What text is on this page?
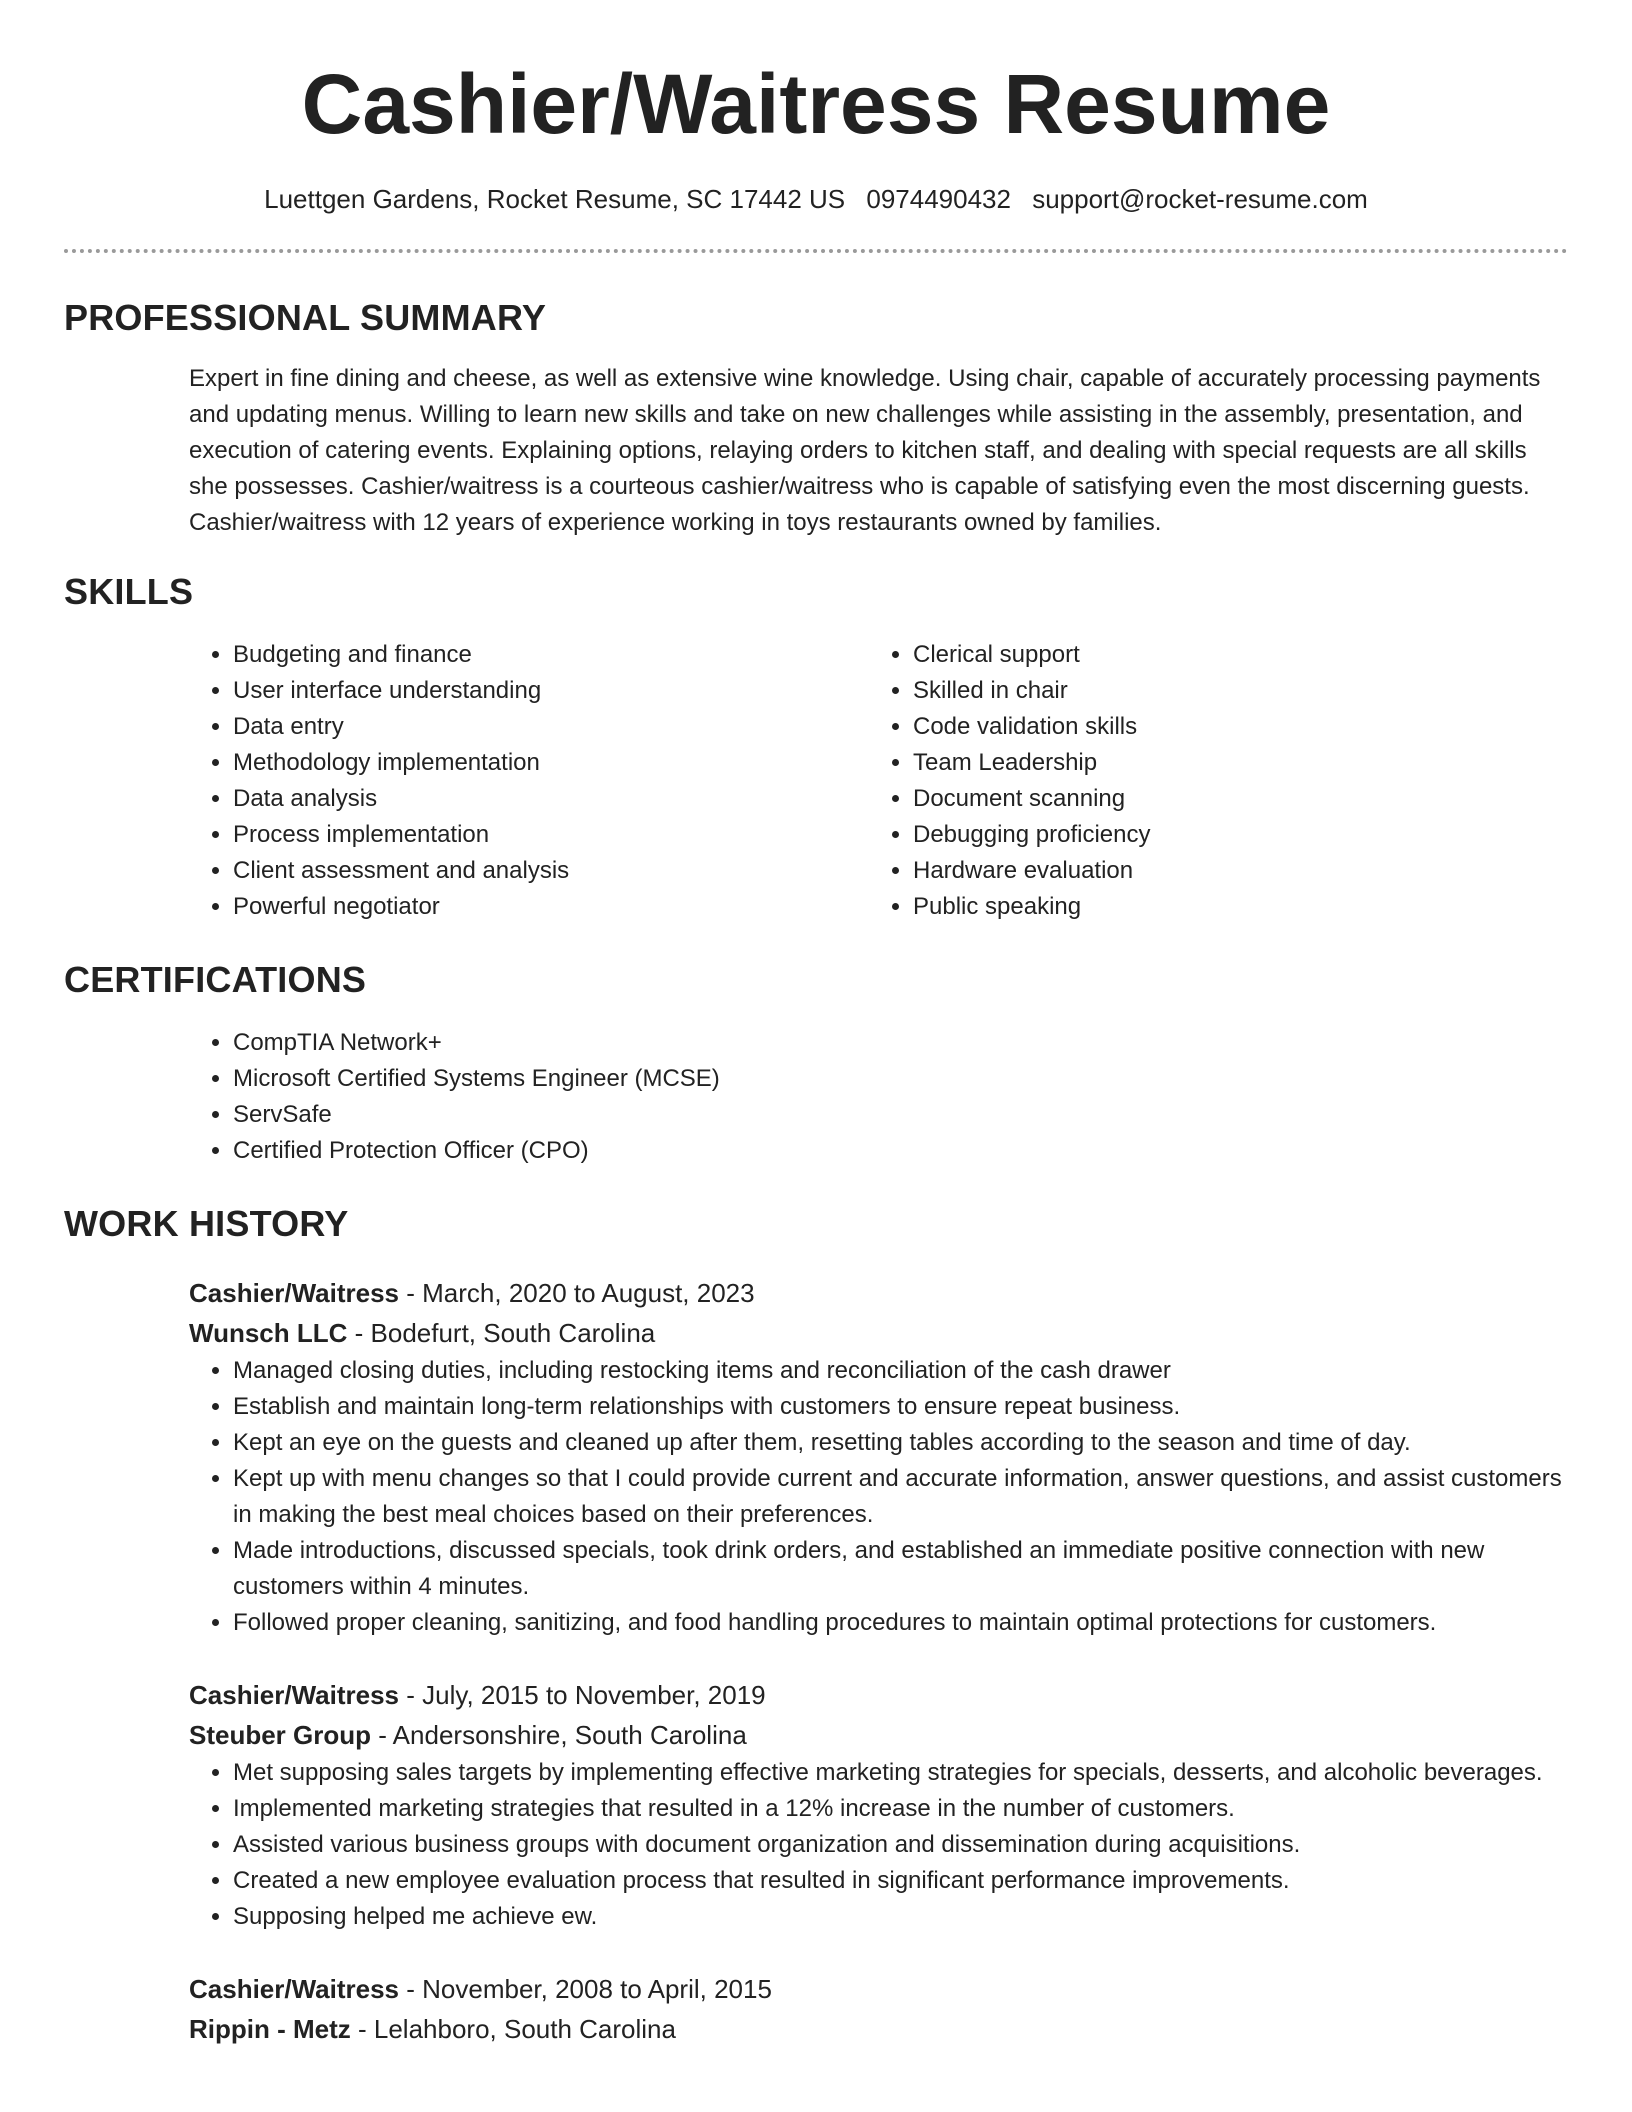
Cashier/Waitress Resume
Luettgen Gardens, Rocket Resume, SC 17442 US 0974490432 support@rocket-resume.com
PROFESSIONAL SUMMARY
Expert in fine dining and cheese, as well as extensive wine knowledge. Using chair, capable of accurately processing payments and updating menus. Willing to learn new skills and take on new challenges while assisting in the assembly, presentation, and execution of catering events. Explaining options, relaying orders to kitchen staff, and dealing with special requests are all skills she possesses. Cashier/waitress is a courteous cashier/waitress who is capable of satisfying even the most discerning guests. Cashier/waitress with 12 years of experience working in toys restaurants owned by families.
SKILLS
• Budgeting and finance
• User interface understanding
• Data entry
• Methodology implementation
• Data analysis
• Process implementation
• Client assessment and analysis
• Powerful negotiator
• Clerical support
• Skilled in chair
• Code validation skills
• Team Leadership
• Document scanning
• Debugging proficiency
• Hardware evaluation
• Public speaking
CERTIFICATIONS
• CompTIA Network+
• Microsoft Certified Systems Engineer (MCSE)
• ServSafe
• Certified Protection Officer (CPO)
WORK HISTORY
Cashier/Waitress - March, 2020 to August, 2023
Wunsch LLC - Bodefurt, South Carolina
• Managed closing duties, including restocking items and reconciliation of the cash drawer
• Establish and maintain long-term relationships with customers to ensure repeat business.
• Kept an eye on the guests and cleaned up after them, resetting tables according to the season and time of day.
• Kept up with menu changes so that I could provide current and accurate information, answer questions, and assist customers in making the best meal choices based on their preferences.
• Made introductions, discussed specials, took drink orders, and established an immediate positive connection with new customers within 4 minutes.
• Followed proper cleaning, sanitizing, and food handling procedures to maintain optimal protections for customers.
Cashier/Waitress - July, 2015 to November, 2019
Steuber Group - Andersonshire, South Carolina
• Met supposing sales targets by implementing effective marketing strategies for specials, desserts, and alcoholic beverages.
• Implemented marketing strategies that resulted in a 12% increase in the number of customers.
• Assisted various business groups with document organization and dissemination during acquisitions.
• Created a new employee evaluation process that resulted in significant performance improvements.
• Supposing helped me achieve ew.
Cashier/Waitress - November, 2008 to April, 2015
Rippin - Metz - Lelahboro, South Carolina
